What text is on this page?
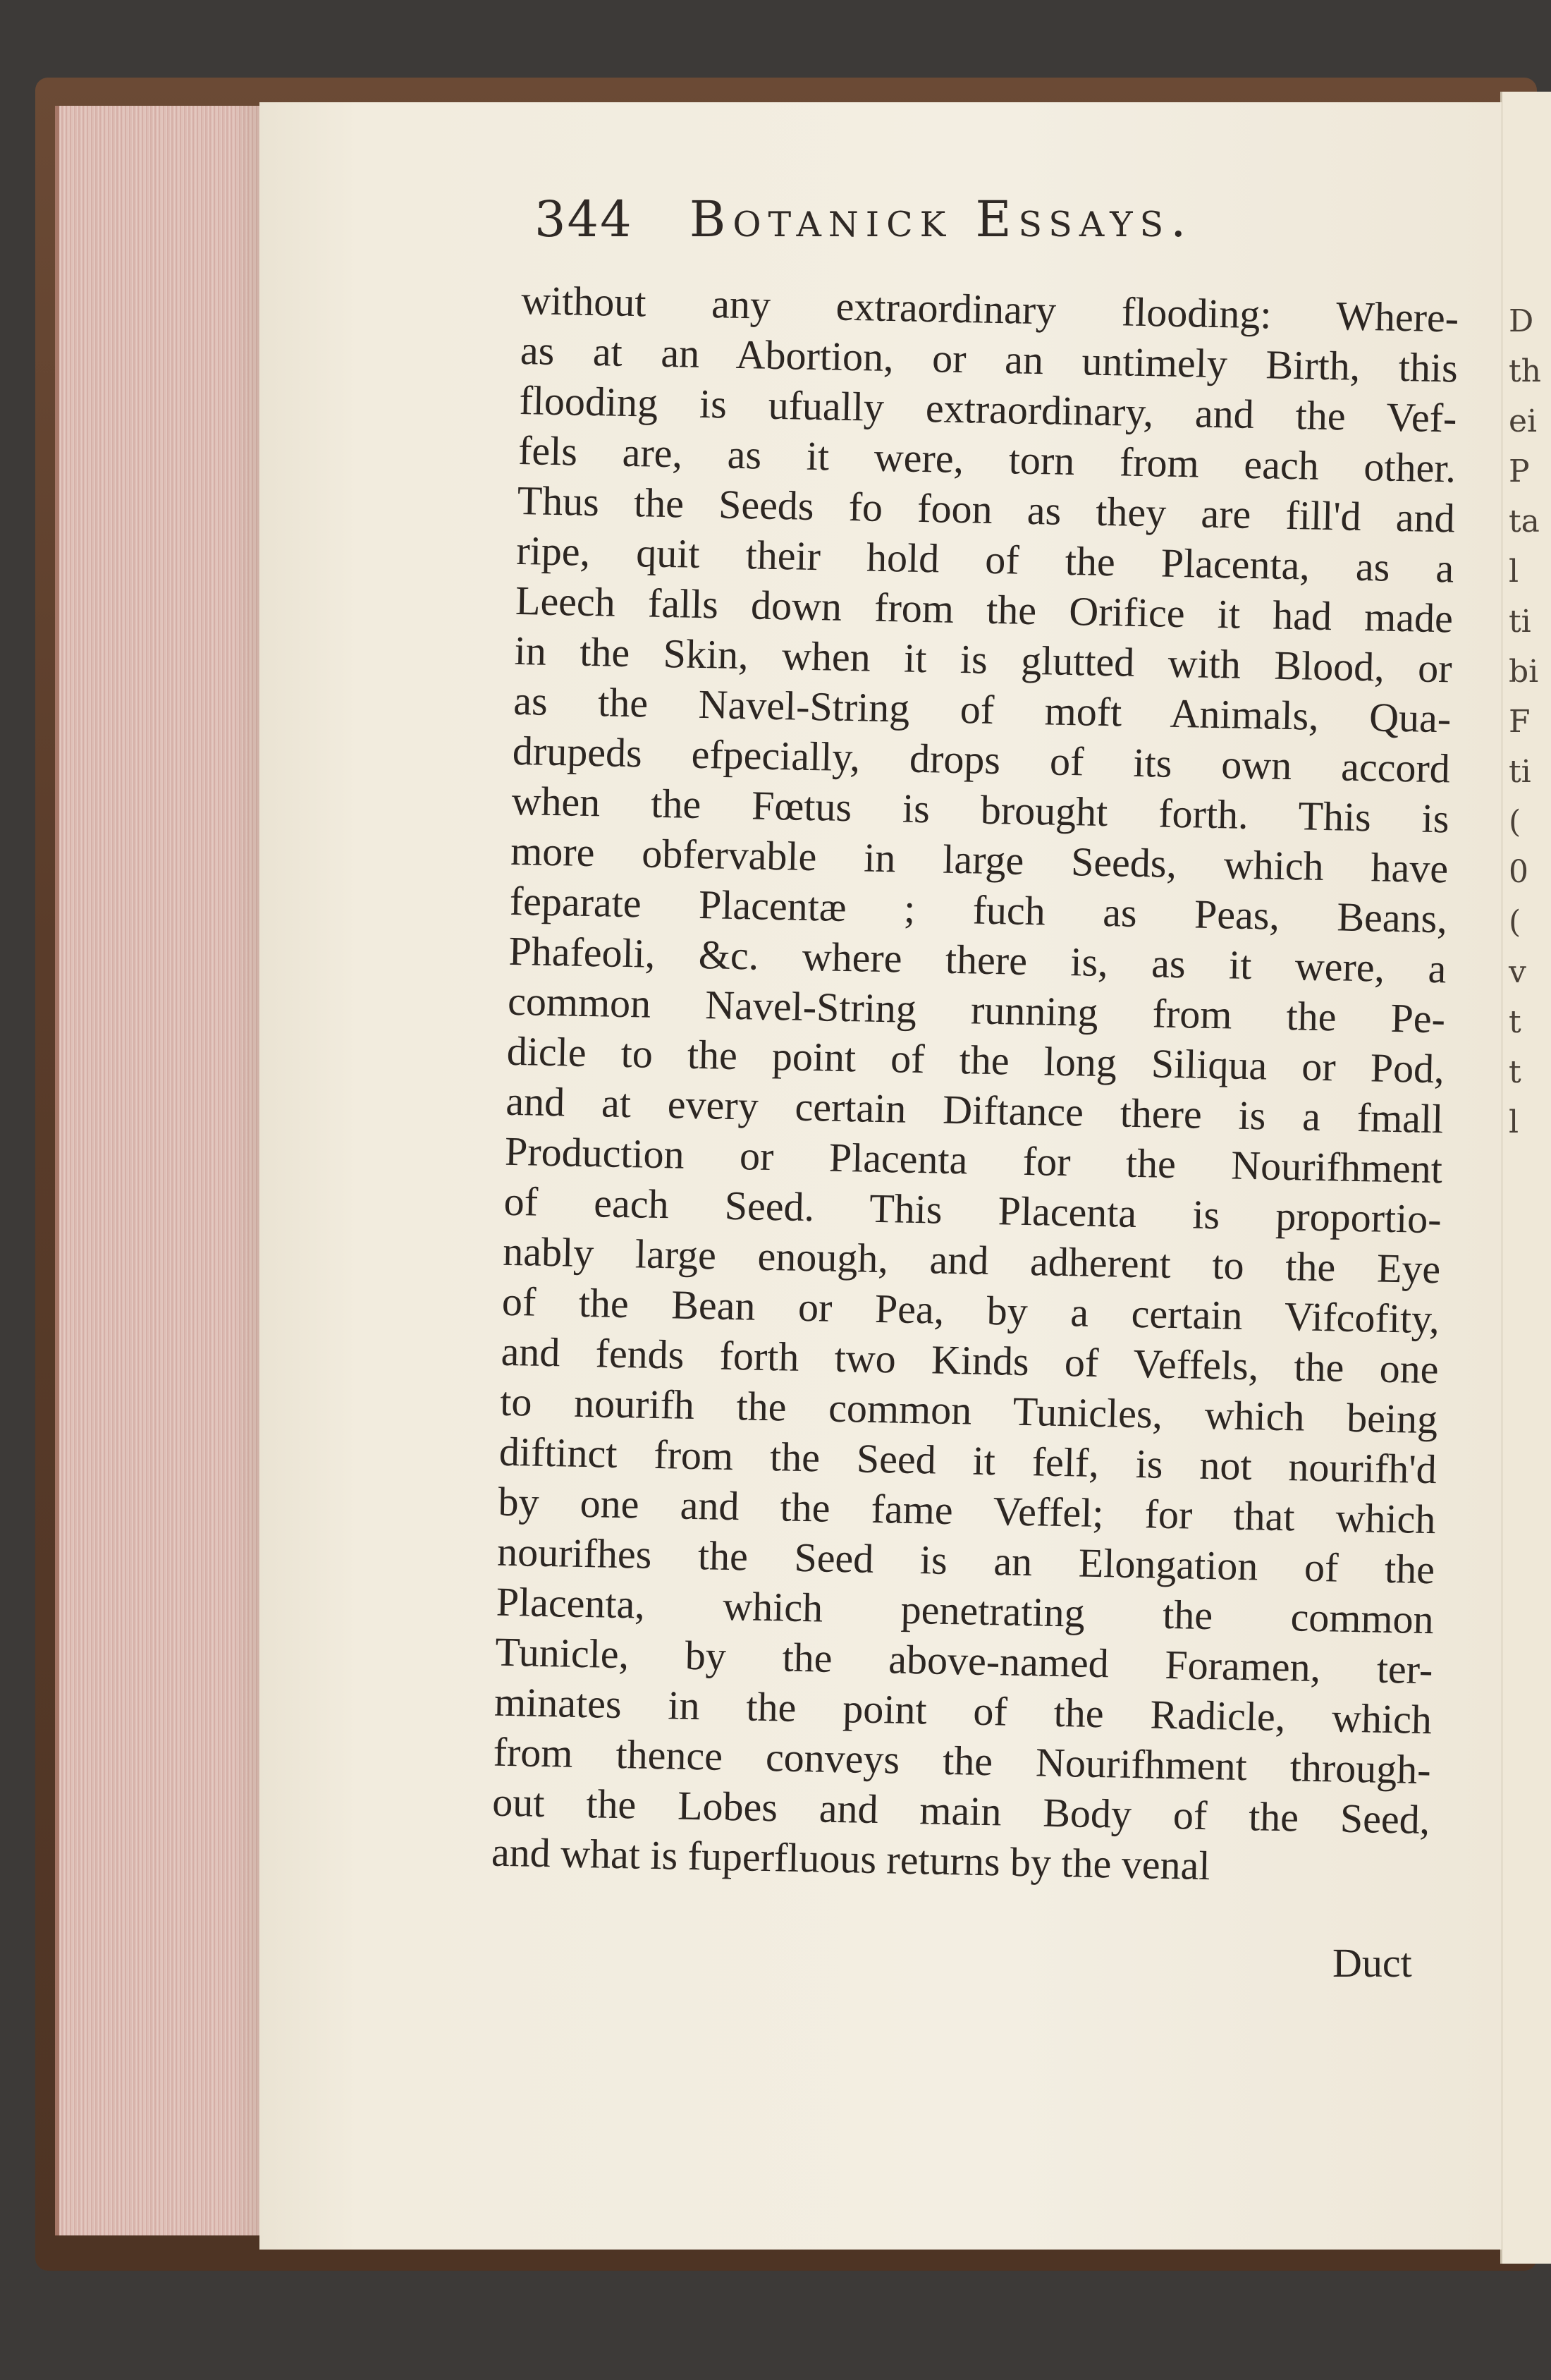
D
th
ei
P
ta
l
ti
bi
F
ti
(
0
(
v
t
t
l
344 Botanick Essays.
without any extraordinary flooding: Where-
as at an Abortion, or an untimely Birth, this
flooding is ufually extraordinary, and the Vef-
fels are, as it were, torn from each other.
Thus the Seeds fo foon as they are fill'd and
ripe, quit their hold of the Placenta, as a
Leech falls down from the Orifice it had made
in the Skin, when it is glutted with Blood, or
as the Navel-String of moft Animals, Qua-
drupeds efpecially, drops of its own accord
when the Fœtus is brought forth. This is
more obfervable in large Seeds, which have
feparate Placentæ ; fuch as Peas, Beans,
Phafeoli, &c. where there is, as it were, a
common Navel-String running from the Pe-
dicle to the point of the long Siliqua or Pod,
and at every certain Diftance there is a fmall
Production or Placenta for the Nourifhment
of each Seed. This Placenta is proportio-
nably large enough, and adherent to the Eye
of the Bean or Pea, by a certain Vifcofity,
and fends forth two Kinds of Veffels, the one
to nourifh the common Tunicles, which being
diftinct from the Seed it felf, is not nourifh'd
by one and the fame Veffel; for that which
nourifhes the Seed is an Elongation of the
Placenta, which penetrating the common
Tunicle, by the above-named Foramen, ter-
minates in the point of the Radicle, which
from thence conveys the Nourifhment through-
out the Lobes and main Body of the Seed,
and what is fuperfluous returns by the venal
Duct
